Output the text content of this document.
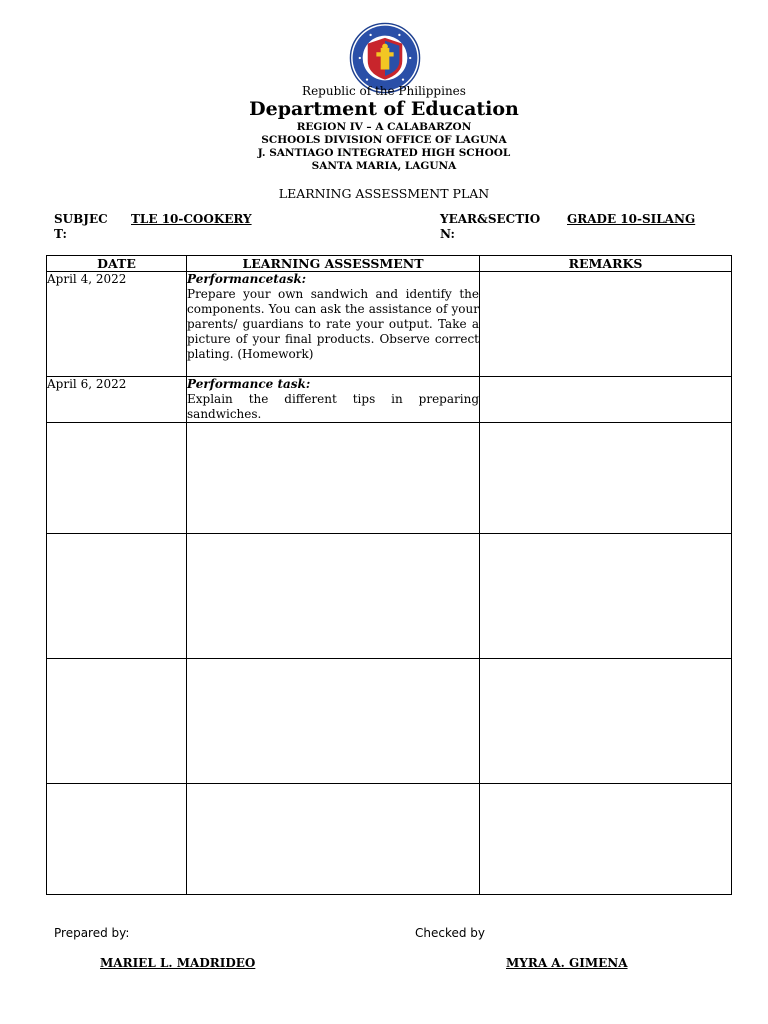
Republic of the Philippines
Department of Education
REGION IV – A CALABARZON
SCHOOLS DIVISION OFFICE OF LAGUNA
J. SANTIAGO INTEGRATED HIGH SCHOOL
SANTA MARIA, LAGUNA
LEARNING ASSESSMENT PLAN
SUBJECT:
TLE 10-COOKERY	YEAR&SECTION:
GRADE 10-SILANG
DATE	LEARNING ASSESSMENT	REMARKS
April 4, 2022	Performancetask:
Prepare your own sandwich and identify the components. You can ask the assistance of your parents/ guardians to rate your output. Take a picture of your final products. Observe correct plating. (Homework)	

April 6, 2022	Performance task:
Explain the different tips in preparing sandwiches.	

Prepared by:
MARIEL L. MADRIDEO
Checked by
MYRA A. GIMENA
